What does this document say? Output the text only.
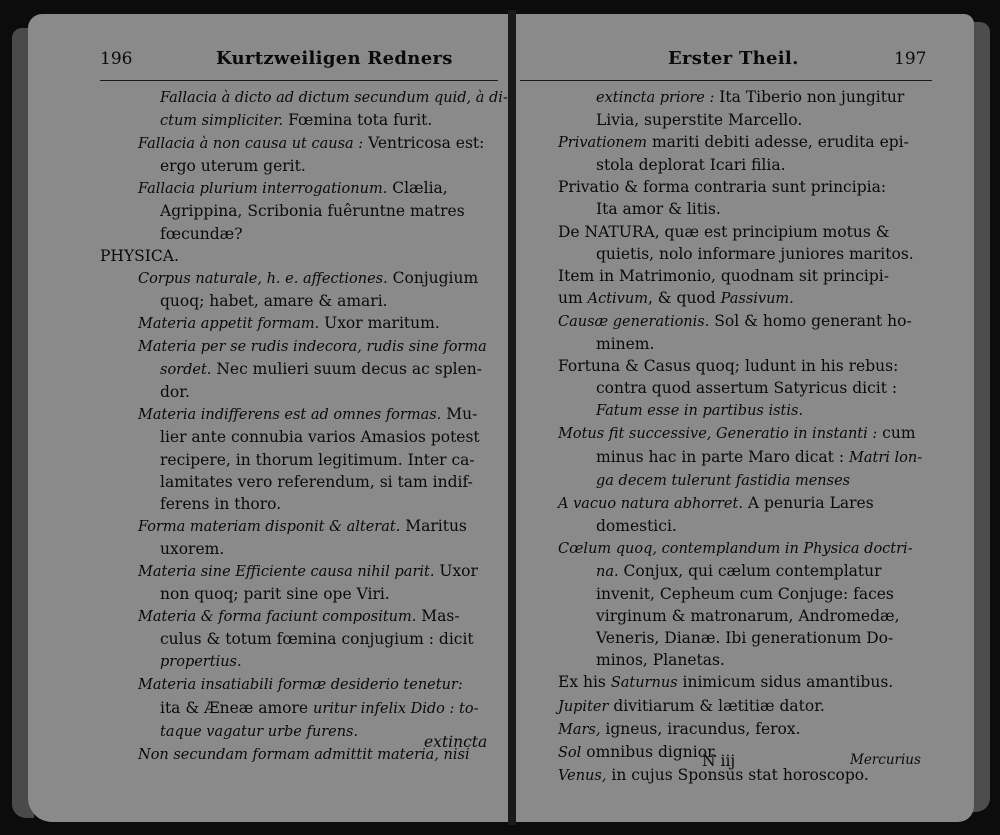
196	Kurtzweiligen Redners	Erster Theil.	197
Fallacia à dicto ad dictum secundum quid, à di-
ctum simpliciter. Fœmina tota furit.
Fallacia à non causa ut causa : Ventricosa est:
ergo uterum gerit.
Fallacia plurium interrogationum. Clælia,
Agrippina, Scribonia fuêruntne matres
fœcundæ?
PHYSICA.
Corpus naturale, h. e. affectiones. Conjugium
quoq; habet, amare & amari.
Materia appetit formam. Uxor maritum.
Materia per se rudis indecora, rudis sine forma
sordet. Nec mulieri suum decus ac splen-
dor.
Materia indifferens est ad omnes formas. Mu-
lier ante connubia varios Amasios potest
recipere, in thorum legitimum. Inter ca-
lamitates vero referendum, si tam indif-
ferens in thoro.
Forma materiam disponit & alterat. Maritus
uxorem.
Materia sine Efficiente causa nihil parit. Uxor
non quoq; parit sine ope Viri.
Materia & forma faciunt compositum. Mas-
culus & totum fœmina conjugium : dicit
propertius.
Materia insatiabili formæ desiderio tenetur:
ita & Æneæ amore uritur infelix Dido : to-
taque vagatur urbe furens.
Non secundam formam admittit materia, nisi
extincta
extincta priore : Ita Tiberio non jungitur
Livia, superstite Marcello.
Privationem mariti debiti adesse, erudita epi-
stola deplorat Icari filia.
Privatio & forma contraria sunt principia:
Ita amor & litis.
De NATURA, quæ est principium motus &
quietis, nolo informare juniores maritos.
Item in Matrimonio, quodnam sit principi-
um Activum, & quod Passivum.
Causæ generationis. Sol & homo generant ho-
minem.
Fortuna & Casus quoq; ludunt in his rebus:
contra quod assertum Satyricus dicit :
Fatum esse in partibus istis.
Motus fit successive, Generatio in instanti : cum
minus hac in parte Maro dicat : Matri lon-
ga decem tulerunt fastidia menses
A vacuo natura abhorret. A penuria Lares
domestici.
Cœlum quoq, contemplandum in Physica doctri-
na. Conjux, qui cælum contemplatur
invenit, Cepheum cum Conjuge: faces
virginum & matronarum, Andromedæ,
Veneris, Dianæ. Ibi generationum Do-
minos, Planetas.
Ex his Saturnus inimicum sidus amantibus.
Jupiter divitiarum & lætitiæ dator.
Mars, igneus, iracundus, ferox.
Sol omnibus dignior.
Venus, in cujus Sponsus stat horoscopo.
N iij	Mercurius
